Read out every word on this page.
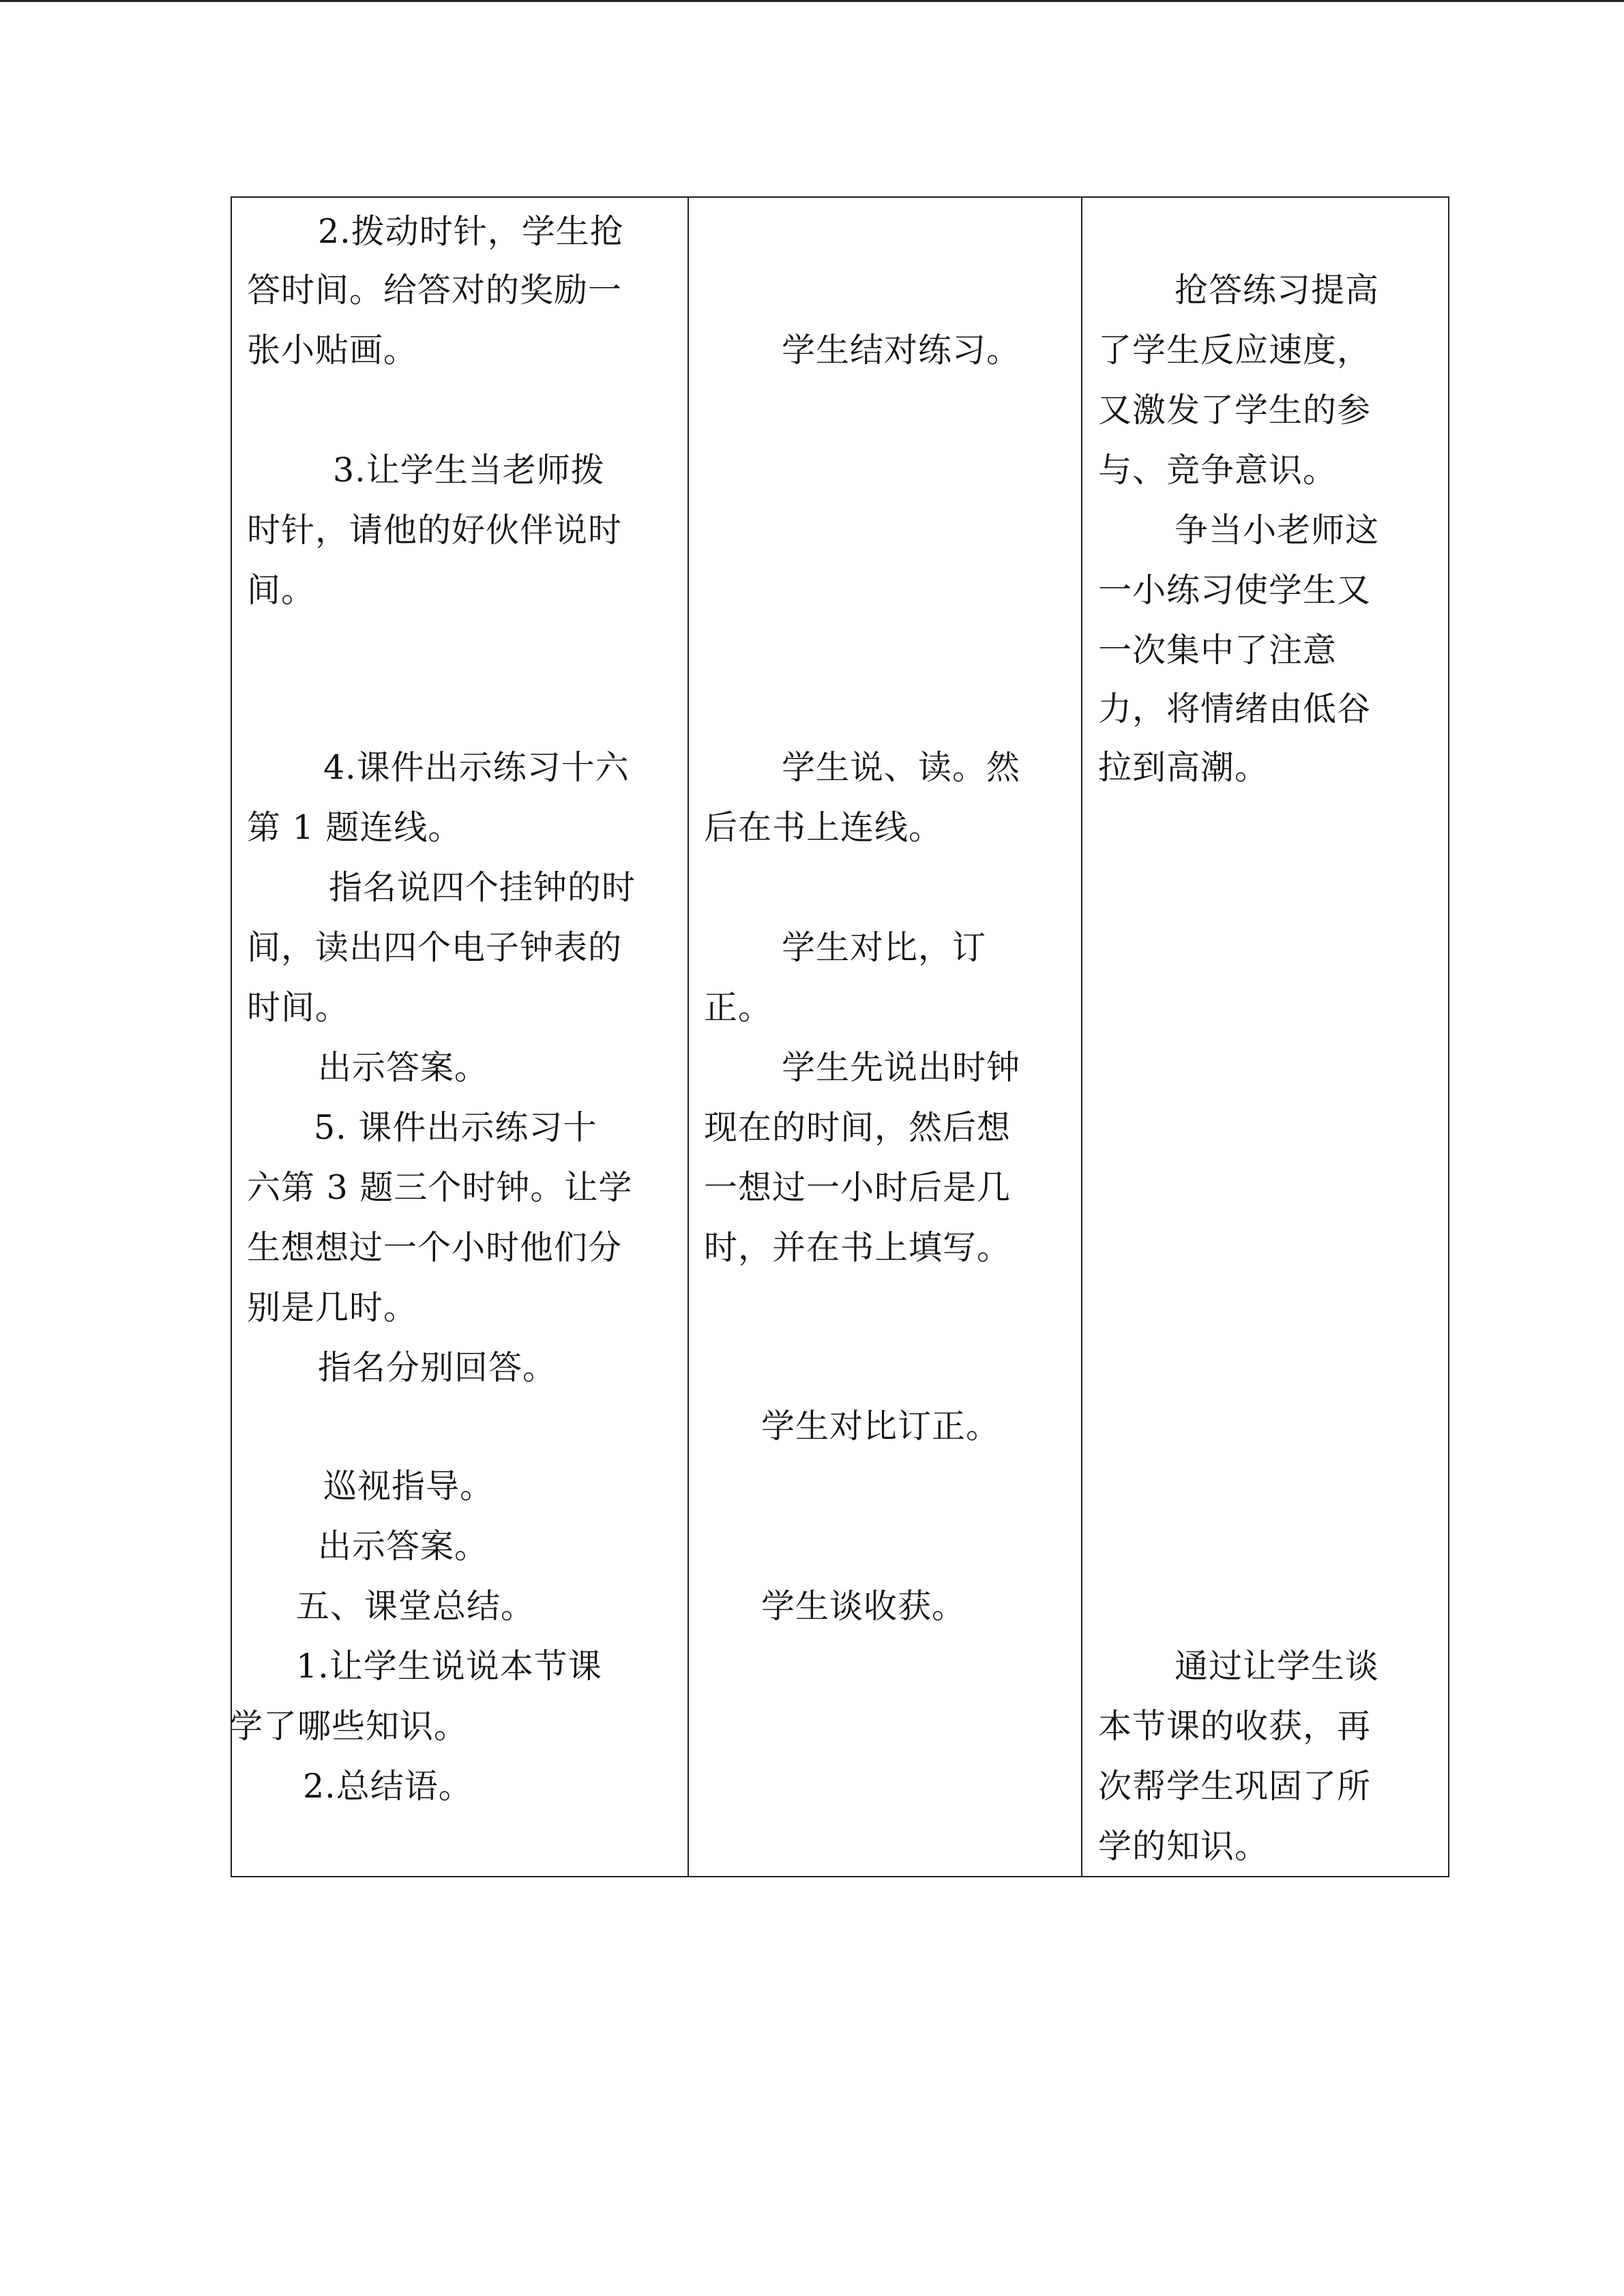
2.拨动时针，学生抢
答时间。给答对的奖励一
张小贴画。
3.让学生当老师拨
时针，请他的好伙伴说时
间。
4.课件出示练习十六
第 1 题连线。
指名说四个挂钟的时
间，读出四个电子钟表的
时间。
出示答案。
5. 课件出示练习十
六第 3 题三个时钟。让学
生想想过一个小时他们分
别是几时。
指名分别回答。
巡视指导。
出示答案。
五、课堂总结。
1.让学生说说本节课
学了哪些知识。
2.总结语。
学生结对练习。
学生说、读。然
后在书上连线。
学生对比，订
正。
学生先说出时钟
现在的时间，然后想
一想过一小时后是几
时，并在书上填写。
学生对比订正。
学生谈收获。
抢答练习提高
了学生反应速度，
又激发了学生的参
与、竞争意识。
争当小老师这
一小练习使学生又
一次集中了注意
力，将情绪由低谷
拉到高潮。
通过让学生谈
本节课的收获，再
次帮学生巩固了所
学的知识。
